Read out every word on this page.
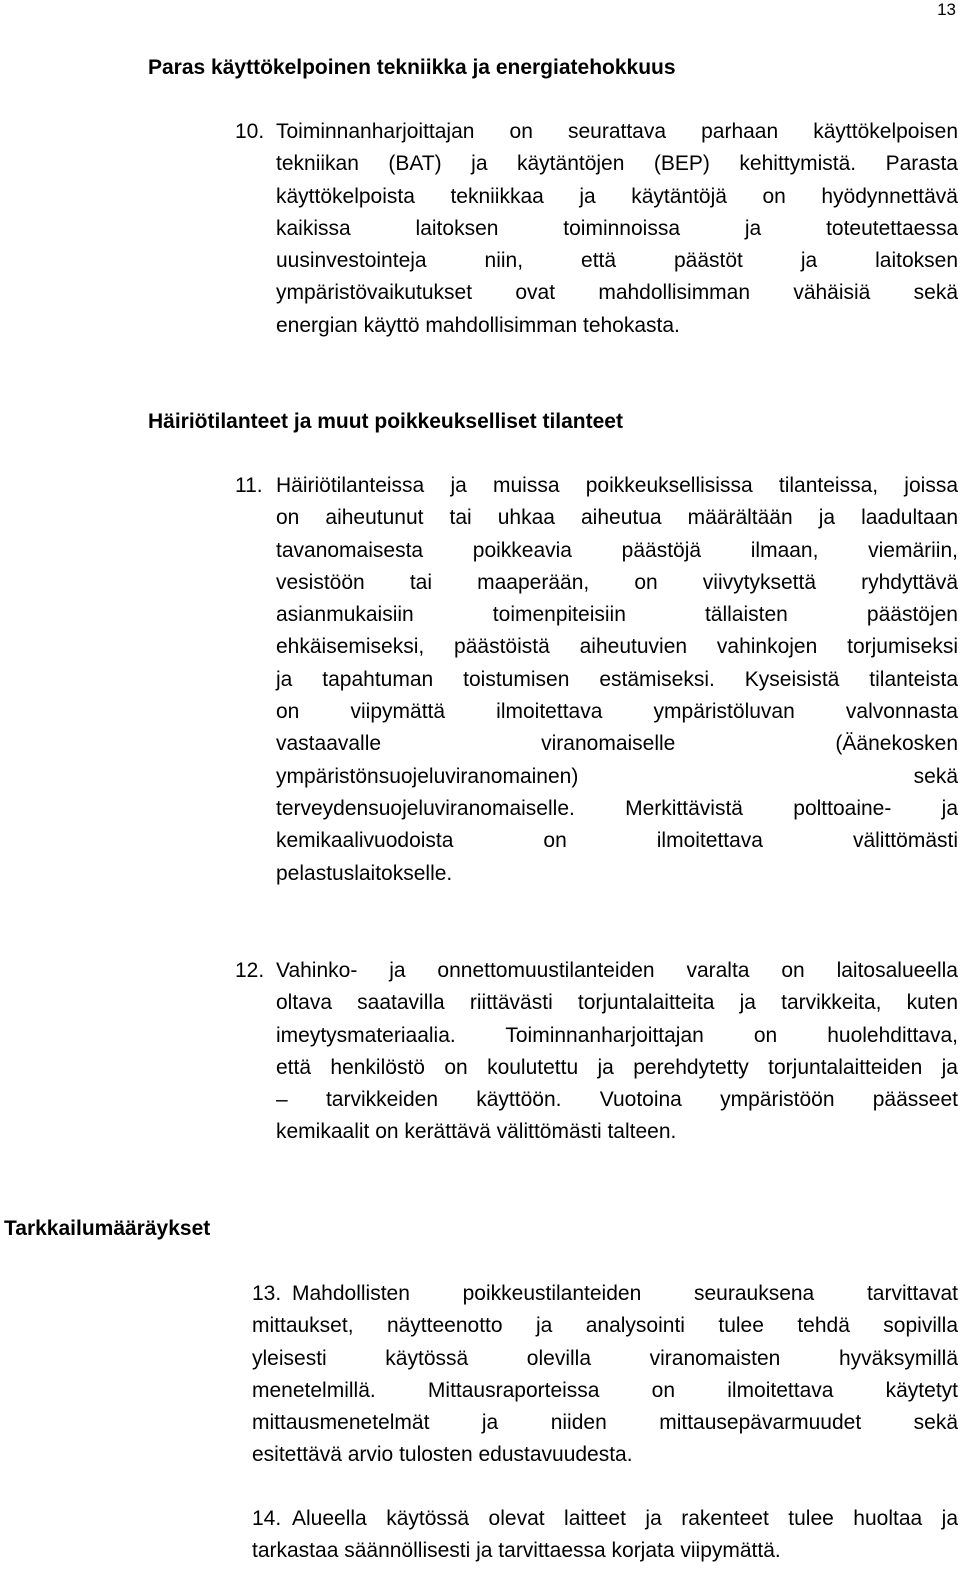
13
Paras käyttökelpoinen tekniikka ja energiatehokkuus
10. Toiminnanharjoittajan on seurattava parhaan käyttökelpoisen
tekniikan (BAT) ja käytäntöjen (BEP) kehittymistä. Parasta
käyttökelpoista tekniikkaa ja käytäntöjä on hyödynnettävä
kaikissa laitoksen toiminnoissa ja toteutettaessa
uusinvestointeja niin, että päästöt ja laitoksen
ympäristövaikutukset ovat mahdollisimman vähäisiä sekä
energian käyttö mahdollisimman tehokasta.
Häiriötilanteet ja muut poikkeukselliset tilanteet
11. Häiriötilanteissa ja muissa poikkeuksellisissa tilanteissa, joissa
on aiheutunut tai uhkaa aiheutua määrältään ja laadultaan
tavanomaisesta poikkeavia päästöjä ilmaan, viemäriin,
vesistöön tai maaperään, on viivytyksettä ryhdyttävä
asianmukaisiin toimenpiteisiin tällaisten päästöjen
ehkäisemiseksi, päästöistä aiheutuvien vahinkojen torjumiseksi
ja tapahtuman toistumisen estämiseksi. Kyseisistä tilanteista
on viipymättä ilmoitettava ympäristöluvan valvonnasta
vastaavalle viranomaiselle (Äänekosken
ympäristönsuojeluviranomainen) sekä
terveydensuojeluviranomaiselle. Merkittävistä polttoaine- ja
kemikaalivuodoista on ilmoitettava välittömästi
pelastuslaitokselle.
12. Vahinko- ja onnettomuustilanteiden varalta on laitosalueella
oltava saatavilla riittävästi torjuntalaitteita ja tarvikkeita, kuten
imeytysmateriaalia. Toiminnanharjoittajan on huolehdittava,
että henkilöstö on koulutettu ja perehdytetty torjuntalaitteiden ja
– tarvikkeiden käyttöön. Vuotoina ympäristöön päässeet
kemikaalit on kerättävä välittömästi talteen.
Tarkkailumääräykset
13. Mahdollisten poikkeustilanteiden seurauksena tarvittavat
mittaukset, näytteenotto ja analysointi tulee tehdä sopivilla
yleisesti käytössä olevilla viranomaisten hyväksymillä
menetelmillä. Mittausraporteissa on ilmoitettava käytetyt
mittausmenetelmät ja niiden mittausepävarmuudet sekä
esitettävä arvio tulosten edustavuudesta.
14. Alueella käytössä olevat laitteet ja rakenteet tulee huoltaa ja
tarkastaa säännöllisesti ja tarvittaessa korjata viipymättä.
